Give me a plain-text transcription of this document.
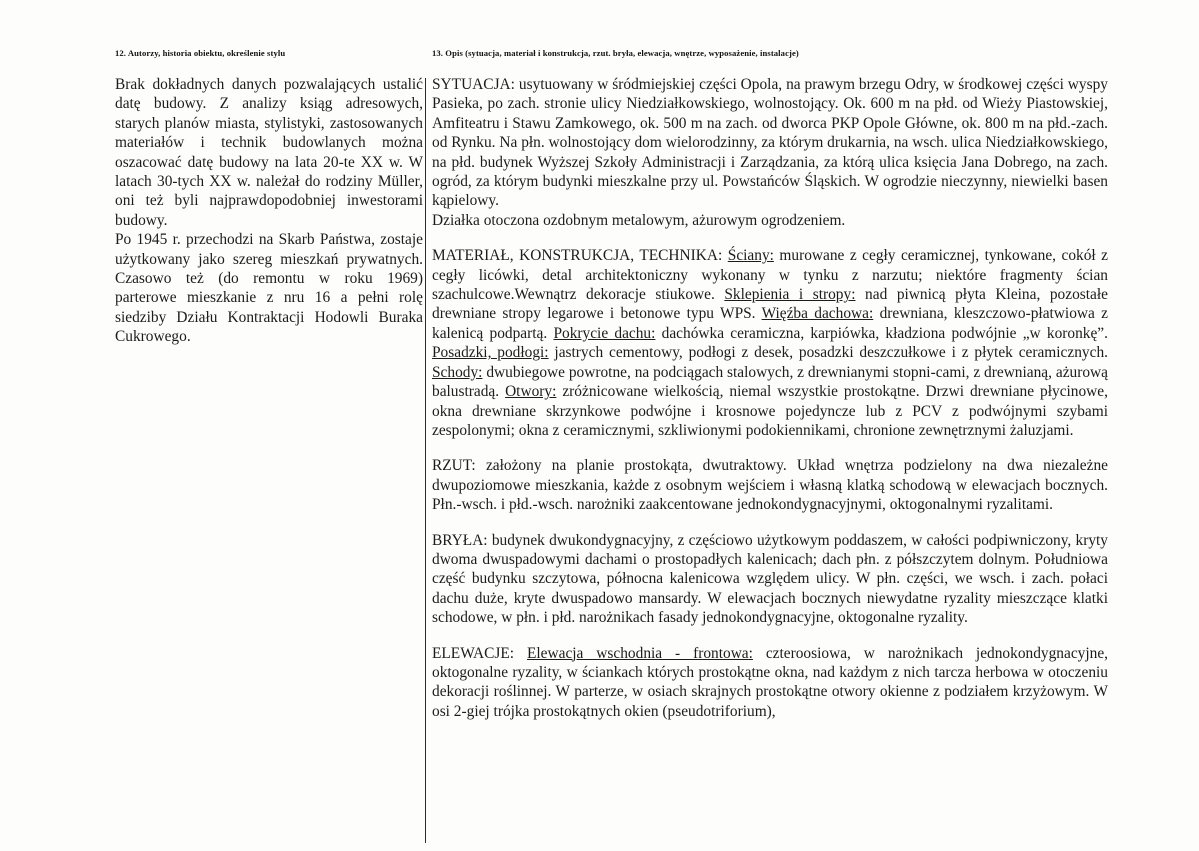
12. Autorzy, historia obiektu, określenie stylu
Brak dokładnych danych pozwalających ustalić datę budowy. Z analizy ksiąg adresowych, starych planów miasta, stylistyki, zastosowanych materiałów i technik budowlanych można oszacować datę budowy na lata 20-te XX w. W latach 30-tych XX w. należał do rodziny Müller, oni też byli najprawdopodobniej inwestorami budowy.
Po 1945 r. przechodzi na Skarb Państwa, zostaje użytkowany jako szereg mieszkań prywatnych. Czasowo też (do remontu w roku 1969) parterowe mieszkanie z nru 16 a pełni rolę siedziby Działu Kontraktacji Hodowli Buraka Cukrowego.
13. Opis (sytuacja, materiał i konstrukcja, rzut. bryła, elewacja, wnętrze, wyposażenie, instalacje)
SYTUACJA: usytuowany w śródmiejskiej części Opola, na prawym brzegu Odry, w środkowej części wyspy Pasieka, po zach. stronie ulicy Niedziałkowskiego, wolnostojący. Ok. 600 m na płd. od Wieży Piastowskiej, Amfiteatru i Stawu Zamkowego, ok. 500 m na zach. od dworca PKP Opole Główne, ok. 800 m na płd.-zach. od Rynku. Na płn. wolnostojący dom wielorodzinny, za którym drukarnia, na wsch. ulica Niedziałkowskiego, na płd. budynek Wyższej Szkoły Administracji i Zarządzania, za którą ulica księcia Jana Dobrego, na zach. ogród, za którym budynki mieszkalne przy ul. Powstańców Śląskich. W ogrodzie nieczynny, niewielki basen kąpielowy.
Działka otoczona ozdobnym metalowym, ażurowym ogrodzeniem.
MATERIAŁ, KONSTRUKCJA, TECHNIKA: Ściany: murowane z cegły ceramicznej, tynkowane, cokół z cegły licówki, detal architektoniczny wykonany w tynku z narzutu; niektóre fragmenty ścian szachulcowe.Wewnątrz dekoracje stiukowe. Sklepienia i stropy: nad piwnicą płyta Kleina, pozostałe drewniane stropy legarowe i betonowe typu WPS. Więźba dachowa: drewniana, kleszczowo-płatwiowa z kalenicą podpartą. Pokrycie dachu: dachówka ceramiczna, karpiówka, kładziona podwójnie „w koronkę”. Posadzki, podłogi: jastrych cementowy, podłogi z desek, posadzki deszczułkowe i z płytek ceramicznych. Schody: dwubiegowe powrotne, na podciągach stalowych, z drewnianymi stopni-cami, z drewnianą, ażurową balustradą. Otwory: zróżnicowane wielkością, niemal wszystkie prostokątne. Drzwi drewniane płycinowe, okna drewniane skrzynkowe podwójne i krosnowe pojedyncze lub z PCV z podwójnymi szybami zespolonymi; okna z ceramicznymi, szkliwionymi podokiennikami, chronione zewnętrznymi żaluzjami.
RZUT: założony na planie prostokąta, dwutraktowy. Układ wnętrza podzielony na dwa niezależne dwupoziomowe mieszkania, każde z osobnym wejściem i własną klatką schodową w elewacjach bocznych. Płn.-wsch. i płd.-wsch. narożniki zaakcentowane jednokondygnacyjnymi, oktogonalnymi ryzalitami.
BRYŁA: budynek dwukondygnacyjny, z częściowo użytkowym poddaszem, w całości podpiwniczony, kryty dwoma dwuspadowymi dachami o prostopadłych kalenicach; dach płn. z półszczytem dolnym. Południowa część budynku szczytowa, północna kalenicowa względem ulicy. W płn. części, we wsch. i zach. połaci dachu duże, kryte dwuspadowo mansardy. W elewacjach bocznych niewydatne ryzality mieszczące klatki schodowe, w płn. i płd. narożnikach fasady jednokondygnacyjne, oktogonalne ryzality.
ELEWACJE: Elewacja wschodnia - frontowa: czteroosiowa, w narożnikach jednokondygnacyjne, oktogonalne ryzality, w ściankach których prostokątne okna, nad każdym z nich tarcza herbowa w otoczeniu dekoracji roślinnej. W parterze, w osiach skrajnych prostokątne otwory okienne z podziałem krzyżowym. W osi 2-giej trójka prostokątnych okien (pseudotriforium),
